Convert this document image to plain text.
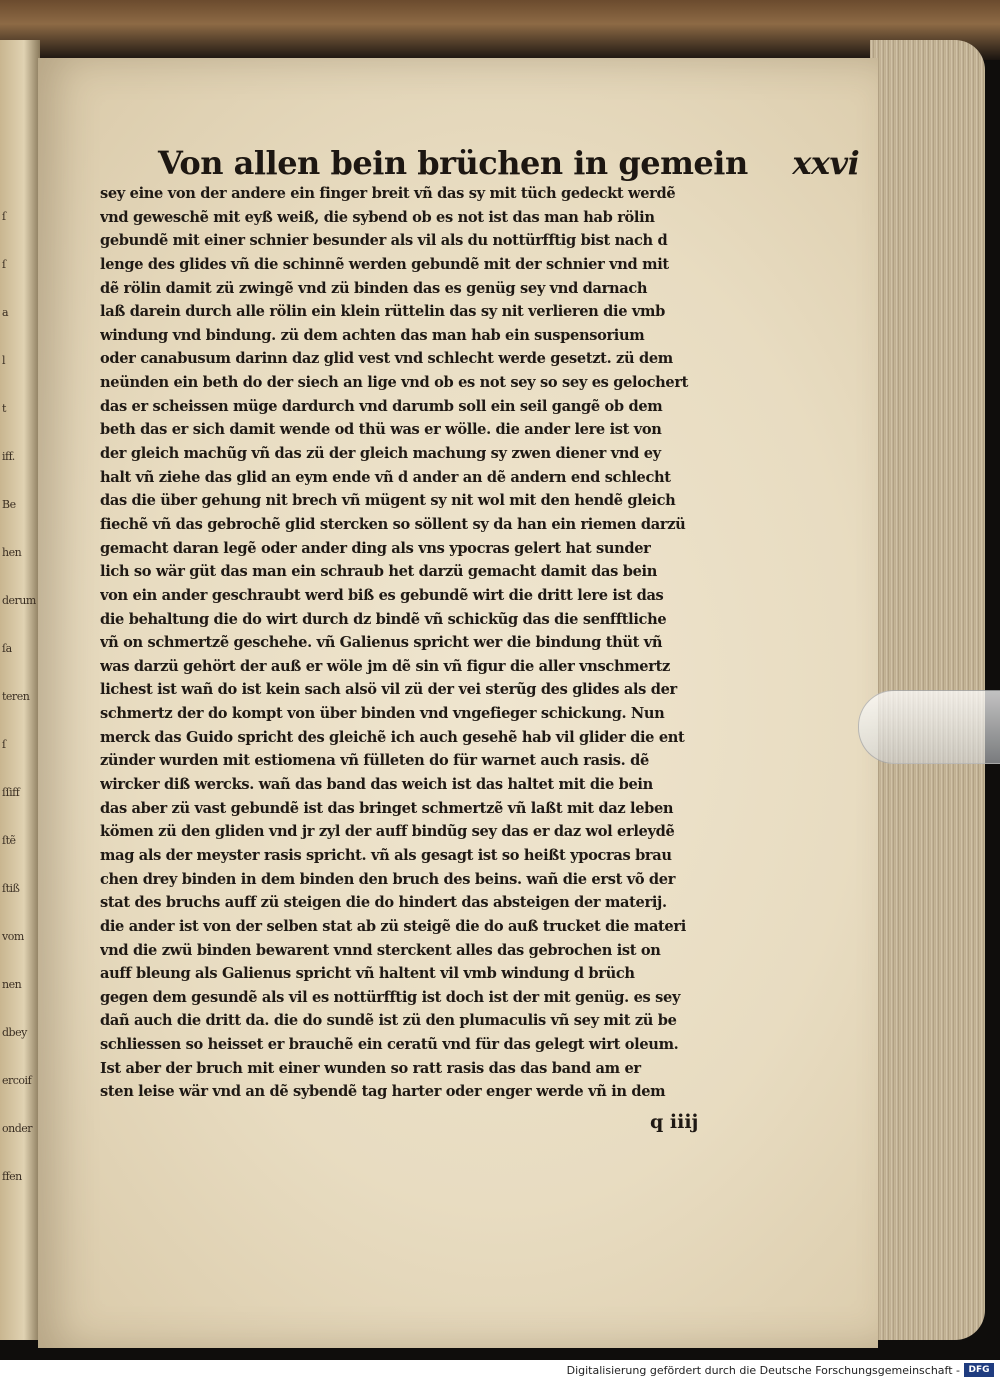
ſ
ſ
a
l
t
iff.
Be
hen
derum
ſa
teren
ſ
ſſiff
ſtẽ
ſtiß
vom
nen
dbey
ercoif
onder
ffen
Von allen bein brüchen in gemein xxvi
sey eine von der andere ein finger breit vñ das sy mit tüch gedeckt werdẽ
vnd geweschẽ mit eyß weiß, die sybend ob es not ist das man hab rölin
gebundẽ mit einer schnier besunder als vil als du nottürfftig bist nach d
lenge des glides vñ die schinnẽ werden gebundẽ mit der schnier vnd mit
dẽ rölin damit zü zwingẽ vnd zü binden das es genüg sey vnd darnach
laß darein durch alle rölin ein klein rüttelin das sy nit verlieren die vmb
windung vnd bindung. zü dem achten das man hab ein suspensorium
oder canabusum darinn daz glid vest vnd schlecht werde gesetzt. zü dem
neünden ein beth do der siech an lige vnd ob es not sey so sey es gelochert
das er scheissen müge dardurch vnd darumb soll ein seil gangẽ ob dem
beth das er sich damit wende od thü was er wölle. die ander lere ist von
der gleich machũg vñ das zü der gleich machung sy zwen diener vnd ey
halt vñ ziehe das glid an eym ende vñ d ander an dẽ andern end schlecht
das die über gehung nit brech vñ mügent sy nit wol mit den hendẽ gleich
fiechẽ vñ das gebrochẽ glid stercken so söllent sy da han ein riemen darzü
gemacht daran legẽ oder ander ding als vns ypocras gelert hat sunder
lich so wär güt das man ein schraub het darzü gemacht damit das bein
von ein ander geschraubt werd biß es gebundẽ wirt die dritt lere ist das
die behaltung die do wirt durch dz bindẽ vñ schickũg das die senfftliche
vñ on schmertzẽ geschehe. vñ Galienus spricht wer die bindung thüt vñ
was darzü gehört der auß er wöle jm dẽ sin vñ figur die aller vnschmertz
lichest ist wañ do ist kein sach alsö vil zü der vei sterũg des glides als der
schmertz der do kompt von über binden vnd vngefieger schickung. Nun
merck das Guido spricht des gleichẽ ich auch gesehẽ hab vil glider die ent
zünder wurden mit estiomena vñ fülleten do für warnet auch rasis. dẽ
wircker diß wercks. wañ das band das weich ist das haltet mit die bein
das aber zü vast gebundẽ ist das bringet schmertzẽ vñ laßt mit daz leben
kömen zü den gliden vnd jr zyl der auff bindũg sey das er daz wol erleydẽ
mag als der meyster rasis spricht. vñ als gesagt ist so heißt ypocras brau
chen drey binden in dem binden den bruch des beins. wañ die erst võ der
stat des bruchs auff zü steigen die do hindert das absteigen der materij.
die ander ist von der selben stat ab zü steigẽ die do auß trucket die materi
vnd die zwü binden bewarent vnnd sterckent alles das gebrochen ist on
auff bleung als Galienus spricht vñ haltent vil vmb windung d brüch
gegen dem gesundẽ als vil es nottürfftig ist doch ist der mit genüg. es sey
dañ auch die dritt da. die do sundẽ ist zü den plumaculis vñ sey mit zü be
schliessen so heisset er brauchẽ ein ceratũ vnd für das gelegt wirt oleum.
Ist aber der bruch mit einer wunden so ratt rasis das das band am er
sten leise wär vnd an dẽ sybendẽ tag harter oder enger werde vñ in dem
q iiij
Digitalisierung gefördert durch die Deutsche Forschungsgemeinschaft - DFG
